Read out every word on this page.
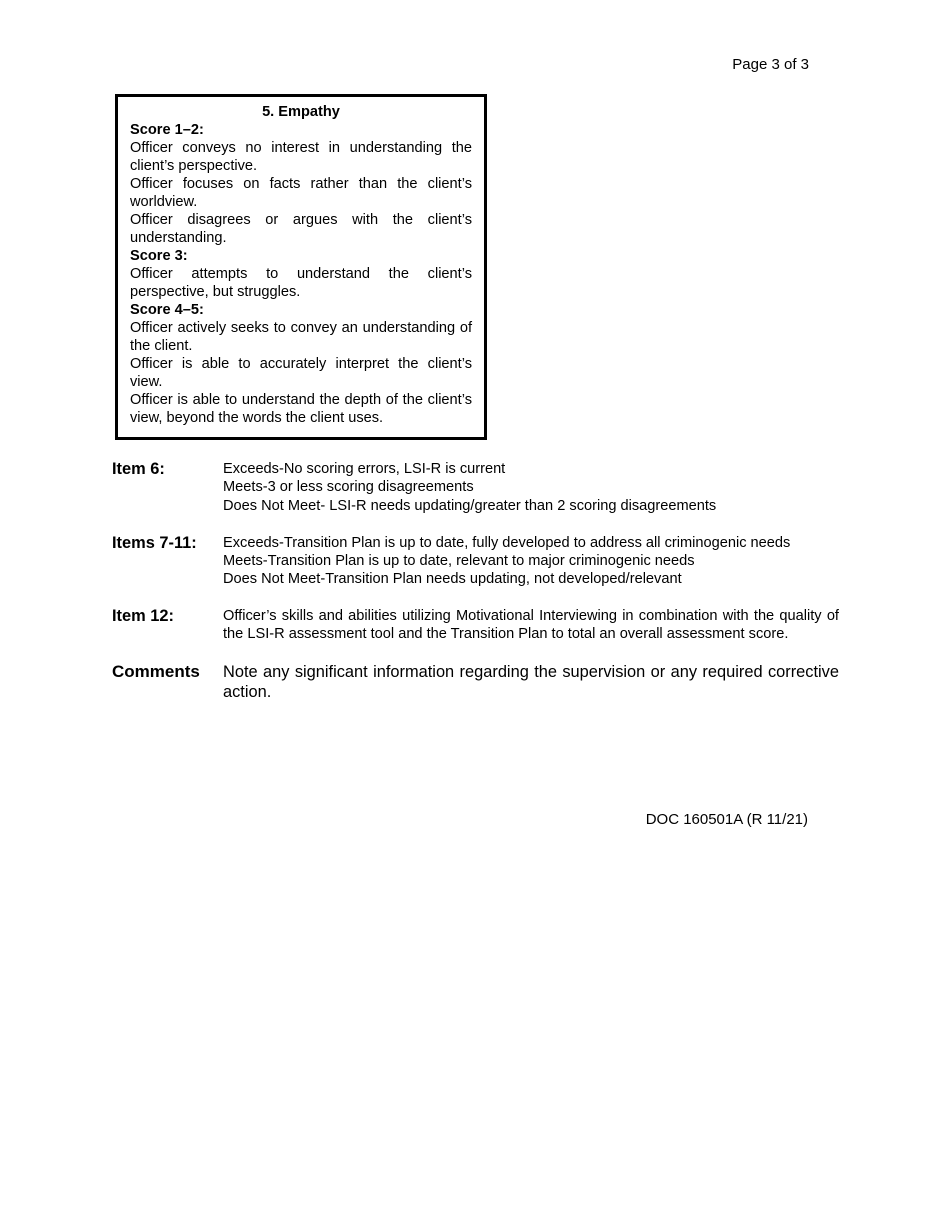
Page 3 of 3

5. Empathy

Score 1–2:

Officer conveys no interest in understanding the client’s perspective.

Officer focuses on facts rather than the client’s worldview.

Officer disagrees or argues with the client’s understanding.

Score 3:

Officer attempts to understand the client’s perspective, but struggles.

Score 4–5:

Officer actively seeks to convey an understanding of the client.

Officer is able to accurately interpret the client’s view.

Officer is able to understand the depth of the client’s view, beyond the words the client uses.

Item 6:	Exceeds-No scoring errors, LSI-R is current
Meets-3 or less scoring disagreements
Does Not Meet- LSI-R needs updating/greater than 2 scoring disagreements
Items 7-11:	Exceeds-Transition Plan is up to date, fully developed to address all criminogenic needs
Meets-Transition Plan is up to date, relevant to major criminogenic needs
Does Not Meet-Transition Plan needs updating, not developed/relevant
Item 12:	Officer’s skills and abilities utilizing Motivational Interviewing in combination with the quality of the LSI-R assessment tool and the Transition Plan to total an overall assessment score.
Comments	Note any significant information regarding the supervision or any required corrective action.
DOC 160501A (R 11/21)
